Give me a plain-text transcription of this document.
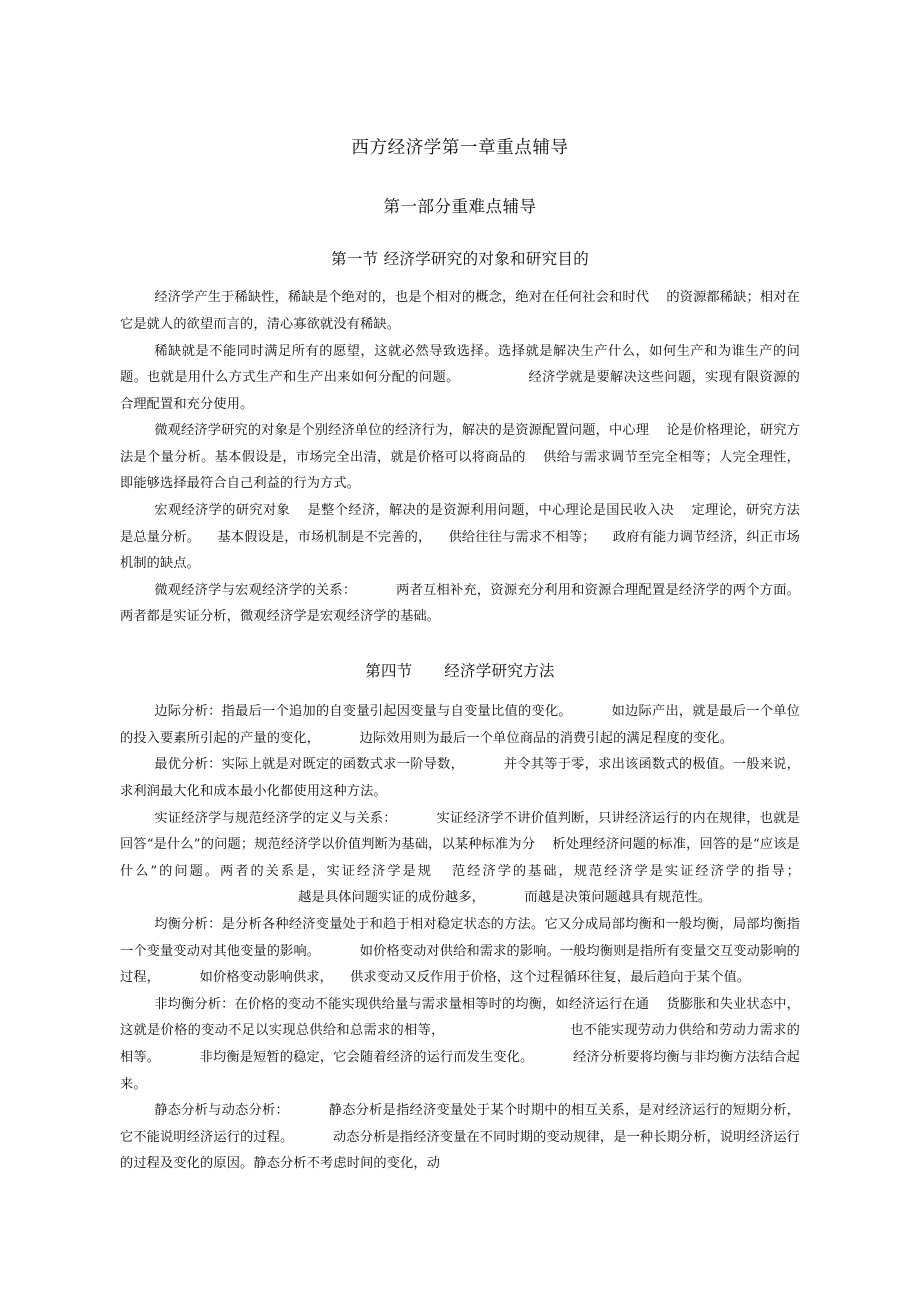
西方经济学第一章重点辅导
第一部分重难点辅导
第一节 经济学研究的对象和研究目的

经济学产生于稀缺性，稀缺是个绝对的，也是个相对的概念，绝对在任何社会和时代 的资源都稀缺；相对在它是就人的欲望而言的，清心寡欲就没有稀缺。

稀缺就是不能同时满足所有的愿望，这就必然导致选择。选择就是解决生产什么，如何生产和为谁生产的问题。也就是用什么方式生产和生产出来如何分配的问题。	经济学就是要解决这些问题，实现有限资源的合理配置和充分使用。

微观经济学研究的对象是个别经济单位的经济行为，解决的是资源配置问题，中心理 论是价格理论，研究方法是个量分析。基本假设是，市场完全出清，就是价格可以将商品的 供给与需求调节至完全相等；人完全理性，即能够选择最符合自己利益的行为方式。

宏观经济学的研究对象 是整个经济，解决的是资源利用问题，中心理论是国民收入决 定理论，研究方法是总量分析。 基本假设是，市场机制是不完善的， 供给往往与需求不相等； 政府有能力调节经济，纠正市场机制的缺点。

微观经济学与宏观经济学的关系：	两者互相补充，资源充分利用和资源合理配置是经济学的两个方面。两者都是实证分析，微观经济学是宏观经济学的基础。

第四节　　经济学研究方法

边际分析：指最后一个追加的自变量引起因变量与自变量比值的变化。	如边际产出，就是最后一个单位的投入要素所引起的产量的变化，	边际效用则为最后一个单位商品的消费引起的满足程度的变化。

最优分析：实际上就是对既定的函数式求一阶导数，	并令其等于零，求出该函数式的极值。一般来说，求利润最大化和成本最小化都使用这种方法。

实证经济学与规范经济学的定义与关系：	实证经济学不讲价值判断，只讲经济运行的内在规律，也就是回答“是什么”的问题；规范经济学以价值判断为基础，以某种标准为分 析处理经济问题的标准，回答的是“应该是什么”的问题。两者的关系是，实证经济学是规 范经济学的基础，规范经济学是实证经济学的指导；越是具体问题实证的成份越多，	而越是决策问题越具有规范性。

均衡分析：是分析各种经济变量处于和趋于相对稳定状态的方法。它又分成局部均衡和一般均衡，局部均衡指一个变量变动对其他变量的影响。	如价格变动对供给和需求的影响。一般均衡则是指所有变量交互变动影响的过程，	如价格变动影响供求， 供求变动又反作用于价格，这个过程循环往复，最后趋向于某个值。

非均衡分析：在价格的变动不能实现供给量与需求量相等时的均衡，如经济运行在通 货膨胀和失业状态中，这就是价格的变动不足以实现总供给和总需求的相等，	也不能实现劳动力供给和劳动力需求的相等。	非均衡是短暂的稳定，它会随着经济的运行而发生变化。	经济分析要将均衡与非均衡方法结合起来。

静态分析与动态分析：	静态分析是指经济变量处于某个时期中的相互关系，是对经济运行的短期分析，它不能说明经济运行的过程。	动态分析是指经济变量在不同时期的变动规律，是一种长期分析，说明经济运行的过程及变化的原因。静态分析不考虑时间的变化，动
